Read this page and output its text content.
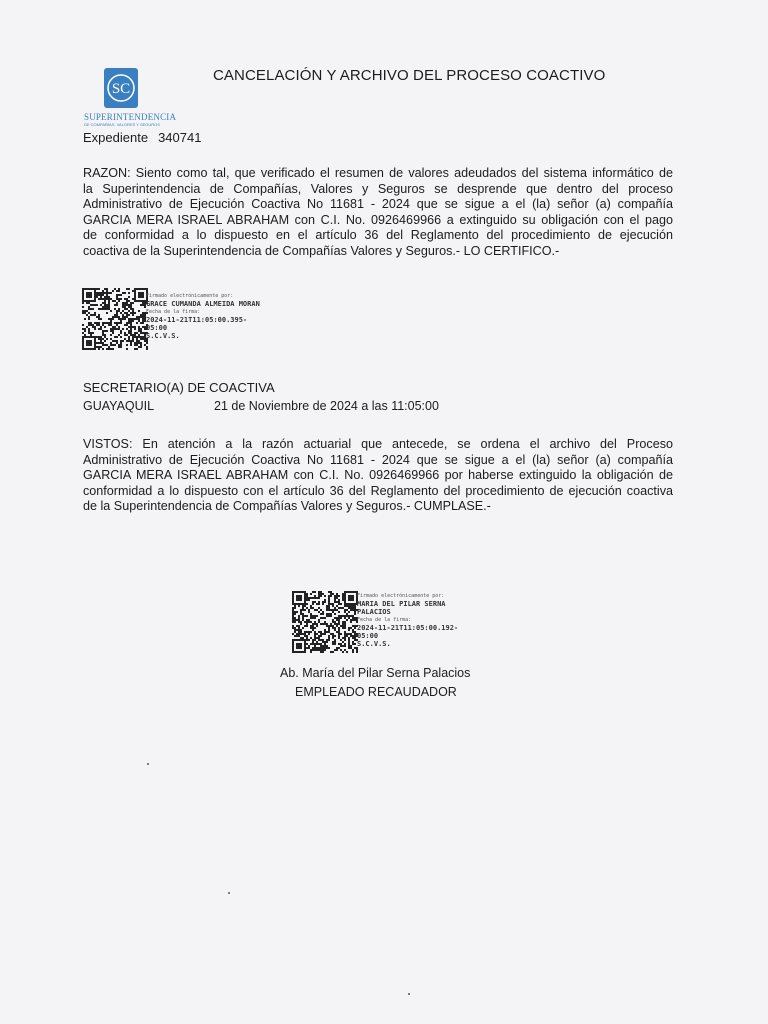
SC
SUPERINTENDENCIA
DE COMPAÑÍAS, VALORES Y SEGUROS
CANCELACIÓN Y ARCHIVO DEL PROCESO COACTIVO
Expediente 340741
RAZON: Siento como tal, que verificado el resumen de valores adeudados del sistema informático de
la Superintendencia de Compañías, Valores y Seguros se desprende que dentro del proceso
Administrativo de Ejecución Coactiva No 11681 - 2024 que se sigue a el (la) señor (a) compañía
GARCIA MERA ISRAEL ABRAHAM con C.I. No. 0926469966 a extinguido su obligación con el pago
de conformidad a lo dispuesto en el artículo 36 del Reglamento del procedimiento de ejecución
coactiva de la Superintendencia de Compañías Valores y Seguros.- LO CERTIFICO.-
Firmado electrónicamente por:
GRACE CUMANDA ALMEIDA MORAN
Fecha de la firma:
2024-11-21T11:05:00.395-
05:00
S.C.V.S.
SECRETARIO(A) DE COACTIVA
GUAYAQUIL	21 de Noviembre de 2024 a las 11:05:00
VISTOS: En atención a la razón actuarial que antecede, se ordena el archivo del Proceso
Administrativo de Ejecución Coactiva No 11681 - 2024 que se sigue a el (la) señor (a) compañía
GARCIA MERA ISRAEL ABRAHAM con C.I. No. 0926469966 por haberse extinguido la obligación de
conformidad a lo dispuesto con el artículo 36 del Reglamento del procedimiento de ejecución coactiva
de la Superintendencia de Compañías Valores y Seguros.- CUMPLASE.-
Firmado electrónicamente por:
MARIA DEL PILAR SERNA
PALACIOS
Fecha de la firma:
2024-11-21T11:05:00.192-
05:00
S.C.V.S.
Ab. María del Pilar Serna Palacios
EMPLEADO RECAUDADOR
